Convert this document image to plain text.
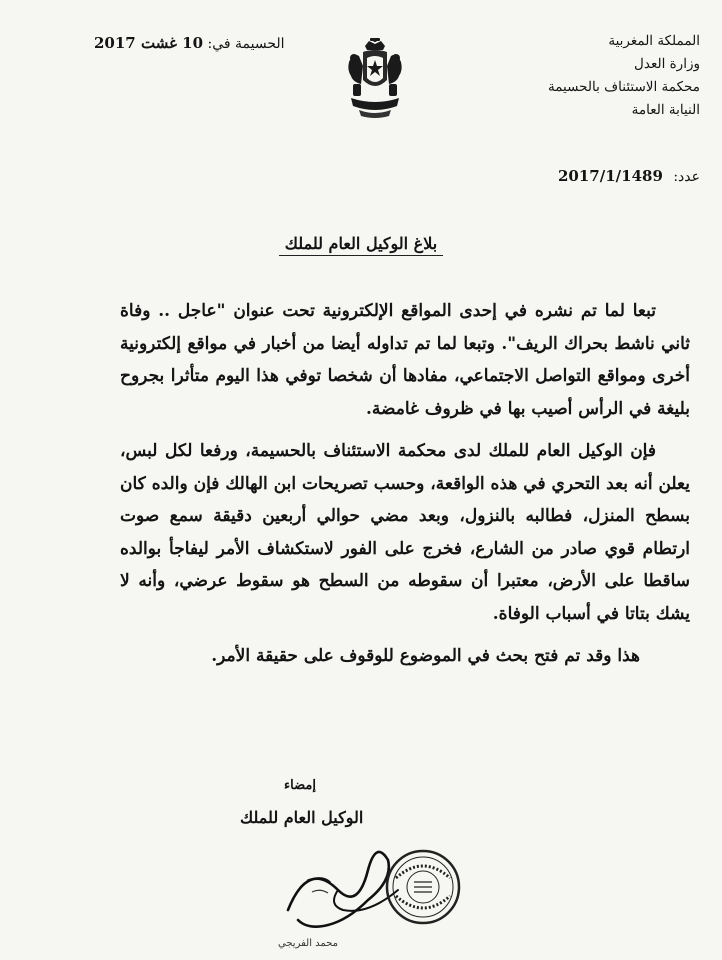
المملكة المغربية
وزارة العدل
محكمة الاستئناف بالحسيمة
النيابة العامة
الحسيمة في: 10 غشت 2017
عدد: 2017/1/1489
بلاغ الوكيل العام للملك

تبعا لما تم نشره في إحدى المواقع الإلكترونية تحت عنوان "عاجل .. وفاة ثاني ناشط بحراك الريف". وتبعا لما تم تداوله أيضا من أخبار في مواقع إلكترونية أخرى ومواقع التواصل الاجتماعي، مفادها أن شخصا توفي هذا اليوم متأثرا بجروح بليغة في الرأس أصيب بها في ظروف غامضة.

فإن الوكيل العام للملك لدى محكمة الاستئناف بالحسيمة، ورفعا لكل لبس، يعلن أنه بعد التحري في هذه الواقعة، وحسب تصريحات ابن الهالك فإن والده كان بسطح المنزل، فطالبه بالنزول، وبعد مضي حوالي أربعين دقيقة سمع صوت ارتطام قوي صادر من الشارع، فخرج على الفور لاستكشاف الأمر ليفاجأ بوالده ساقطا على الأرض، معتبرا أن سقوطه من السطح هو سقوط عرضي، وأنه لا يشك بتاتا في أسباب الوفاة.

هذا وقد تم فتح بحث في الموضوع للوقوف على حقيقة الأمر.

إمضاء
الوكيل العام للملك
محمد الفريجي
